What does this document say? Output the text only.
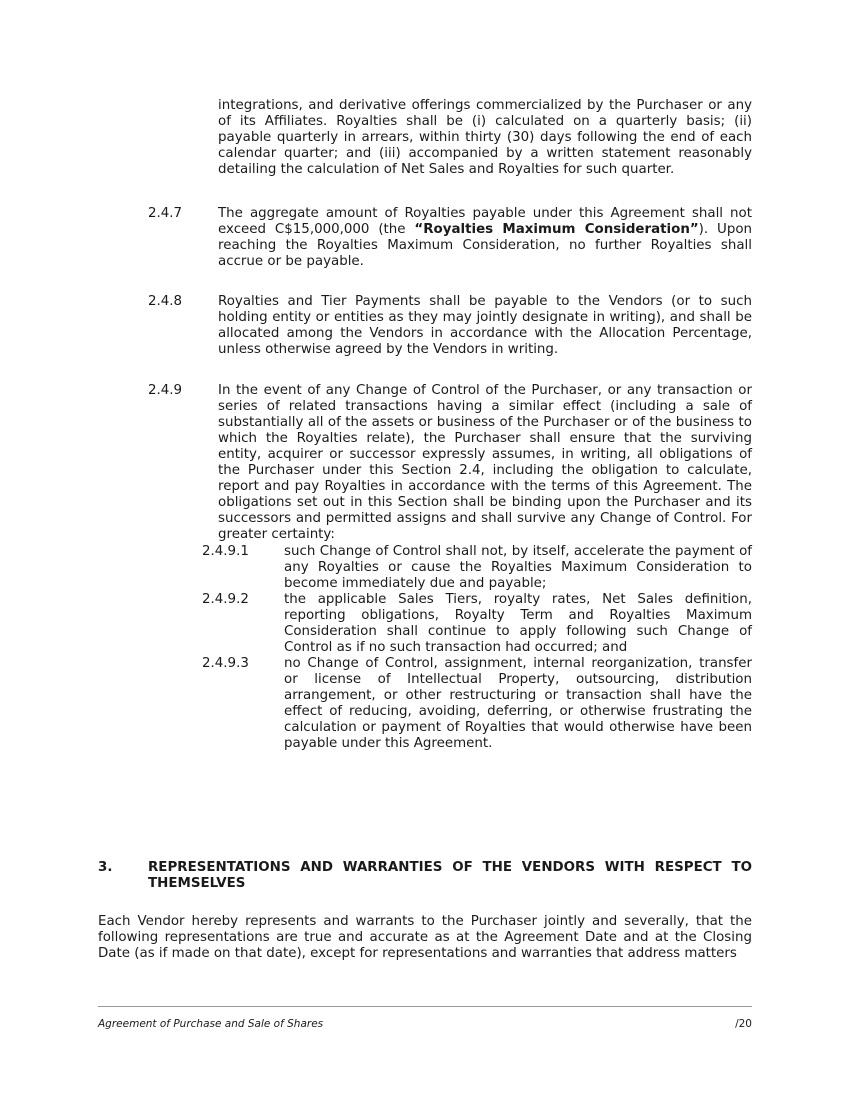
integrations, and derivative offerings commercialized by the Purchaser or any of its Affiliates. Royalties shall be (i) calculated on a quarterly basis; (ii) payable quarterly in arrears, within thirty (30) days following the end of each calendar quarter; and (iii) accompanied by a written statement reasonably detailing the calculation of Net Sales and Royalties for such quarter.

2.4.7	The aggregate amount of Royalties payable under this Agreement shall not exceed C$15,000,000 (the “Royalties Maximum Consideration”). Upon reaching the Royalties Maximum Consideration, no further Royalties shall accrue or be payable.

2.4.8	Royalties and Tier Payments shall be payable to the Vendors (or to such holding entity or entities as they may jointly designate in writing), and shall be allocated among the Vendors in accordance with the Allocation Percentage, unless otherwise agreed by the Vendors in writing.

2.4.9	In the event of any Change of Control of the Purchaser, or any transaction or series of related transactions having a similar effect (including a sale of substantially all of the assets or business of the Purchaser or of the business to which the Royalties relate), the Purchaser shall ensure that the surviving entity, acquirer or successor expressly assumes, in writing, all obligations of the Purchaser under this Section 2.4, including the obligation to calculate, report and pay Royalties in accordance with the terms of this Agreement. The obligations set out in this Section shall be binding upon the Purchaser and its successors and permitted assigns and shall survive any Change of Control. For greater certainty:

2.4.9.1	such Change of Control shall not, by itself, accelerate the payment of any Royalties or cause the Royalties Maximum Consideration to become immediately due and payable;

2.4.9.2	the applicable Sales Tiers, royalty rates, Net Sales definition, reporting obligations, Royalty Term and Royalties Maximum Consideration shall continue to apply following such Change of Control as if no such transaction had occurred; and

2.4.9.3	no Change of Control, assignment, internal reorganization, transfer or license of Intellectual Property, outsourcing, distribution arrangement, or other restructuring or transaction shall have the effect of reducing, avoiding, deferring, or otherwise frustrating the calculation or payment of Royalties that would otherwise have been payable under this Agreement.

3.	REPRESENTATIONS AND WARRANTIES OF THE VENDORS WITH RESPECT TO THEMSELVES

Each Vendor hereby represents and warrants to the Purchaser jointly and severally, that the following representations are true and accurate as at the Agreement Date and at the Closing Date (as if made on that date), except for representations and warranties that address matters

Agreement of Purchase and Sale of Shares	/20
